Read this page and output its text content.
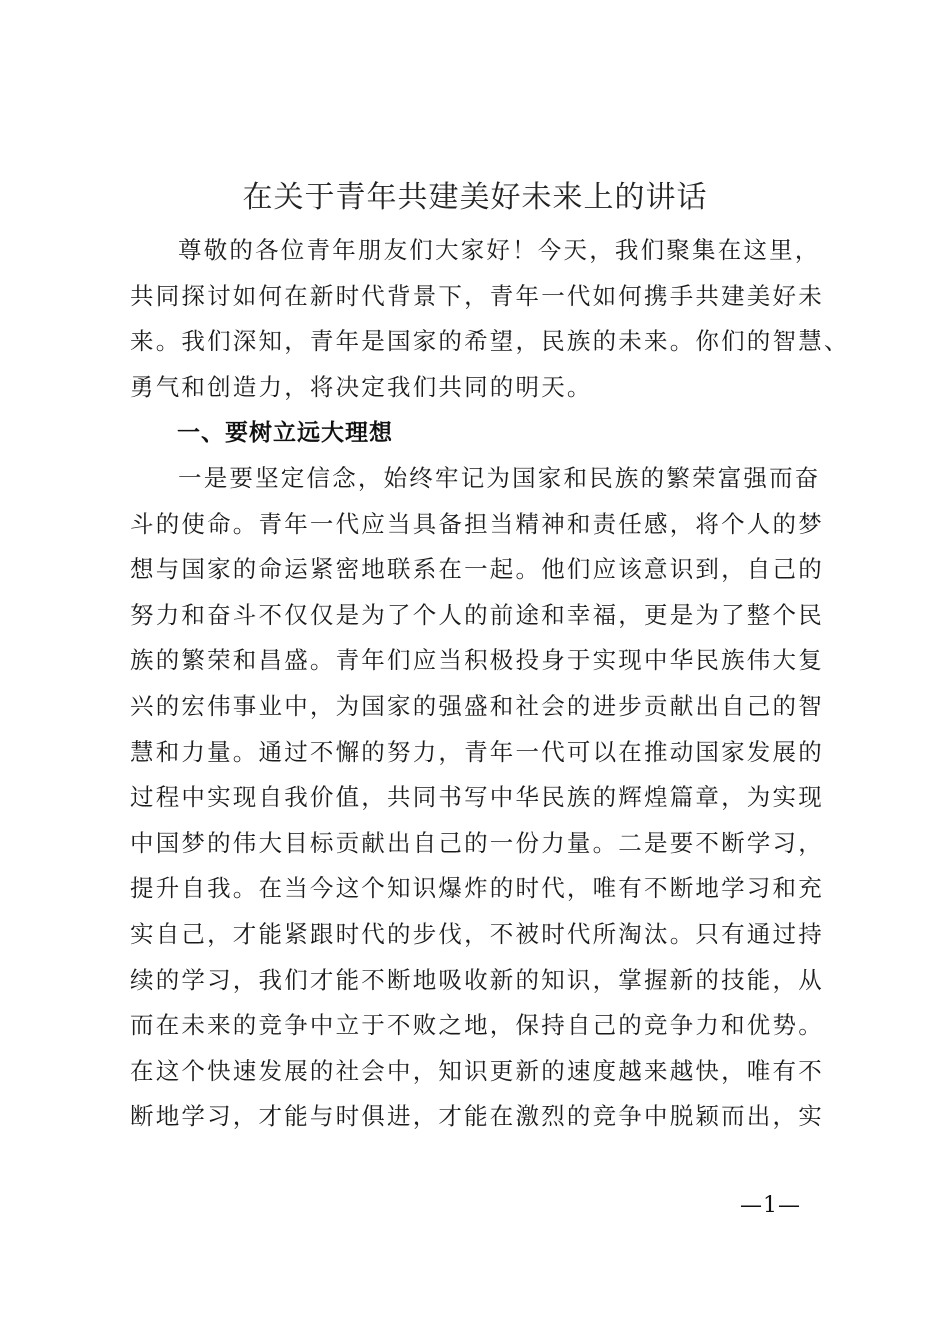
在关于青年共建美好未来上的讲话
尊敬的各位青年朋友们大家好！今天，我们聚集在这里，
共同探讨如何在新时代背景下，青年一代如何携手共建美好未
来。我们深知，青年是国家的希望，民族的未来。你们的智慧、
勇气和创造力，将决定我们共同的明天。
一、要树立远大理想
一是要坚定信念，始终牢记为国家和民族的繁荣富强而奋
斗的使命。青年一代应当具备担当精神和责任感，将个人的梦
想与国家的命运紧密地联系在一起。他们应该意识到，自己的
努力和奋斗不仅仅是为了个人的前途和幸福，更是为了整个民
族的繁荣和昌盛。青年们应当积极投身于实现中华民族伟大复
兴的宏伟事业中，为国家的强盛和社会的进步贡献出自己的智
慧和力量。通过不懈的努力，青年一代可以在推动国家发展的
过程中实现自我价值，共同书写中华民族的辉煌篇章，为实现
中国梦的伟大目标贡献出自己的一份力量。二是要不断学习，
提升自我。在当今这个知识爆炸的时代，唯有不断地学习和充
实自己，才能紧跟时代的步伐，不被时代所淘汰。只有通过持
续的学习，我们才能不断地吸收新的知识，掌握新的技能，从
而在未来的竞争中立于不败之地，保持自己的竞争力和优势。
在这个快速发展的社会中，知识更新的速度越来越快，唯有不
断地学习，才能与时俱进，才能在激烈的竞争中脱颖而出，实
—1—
